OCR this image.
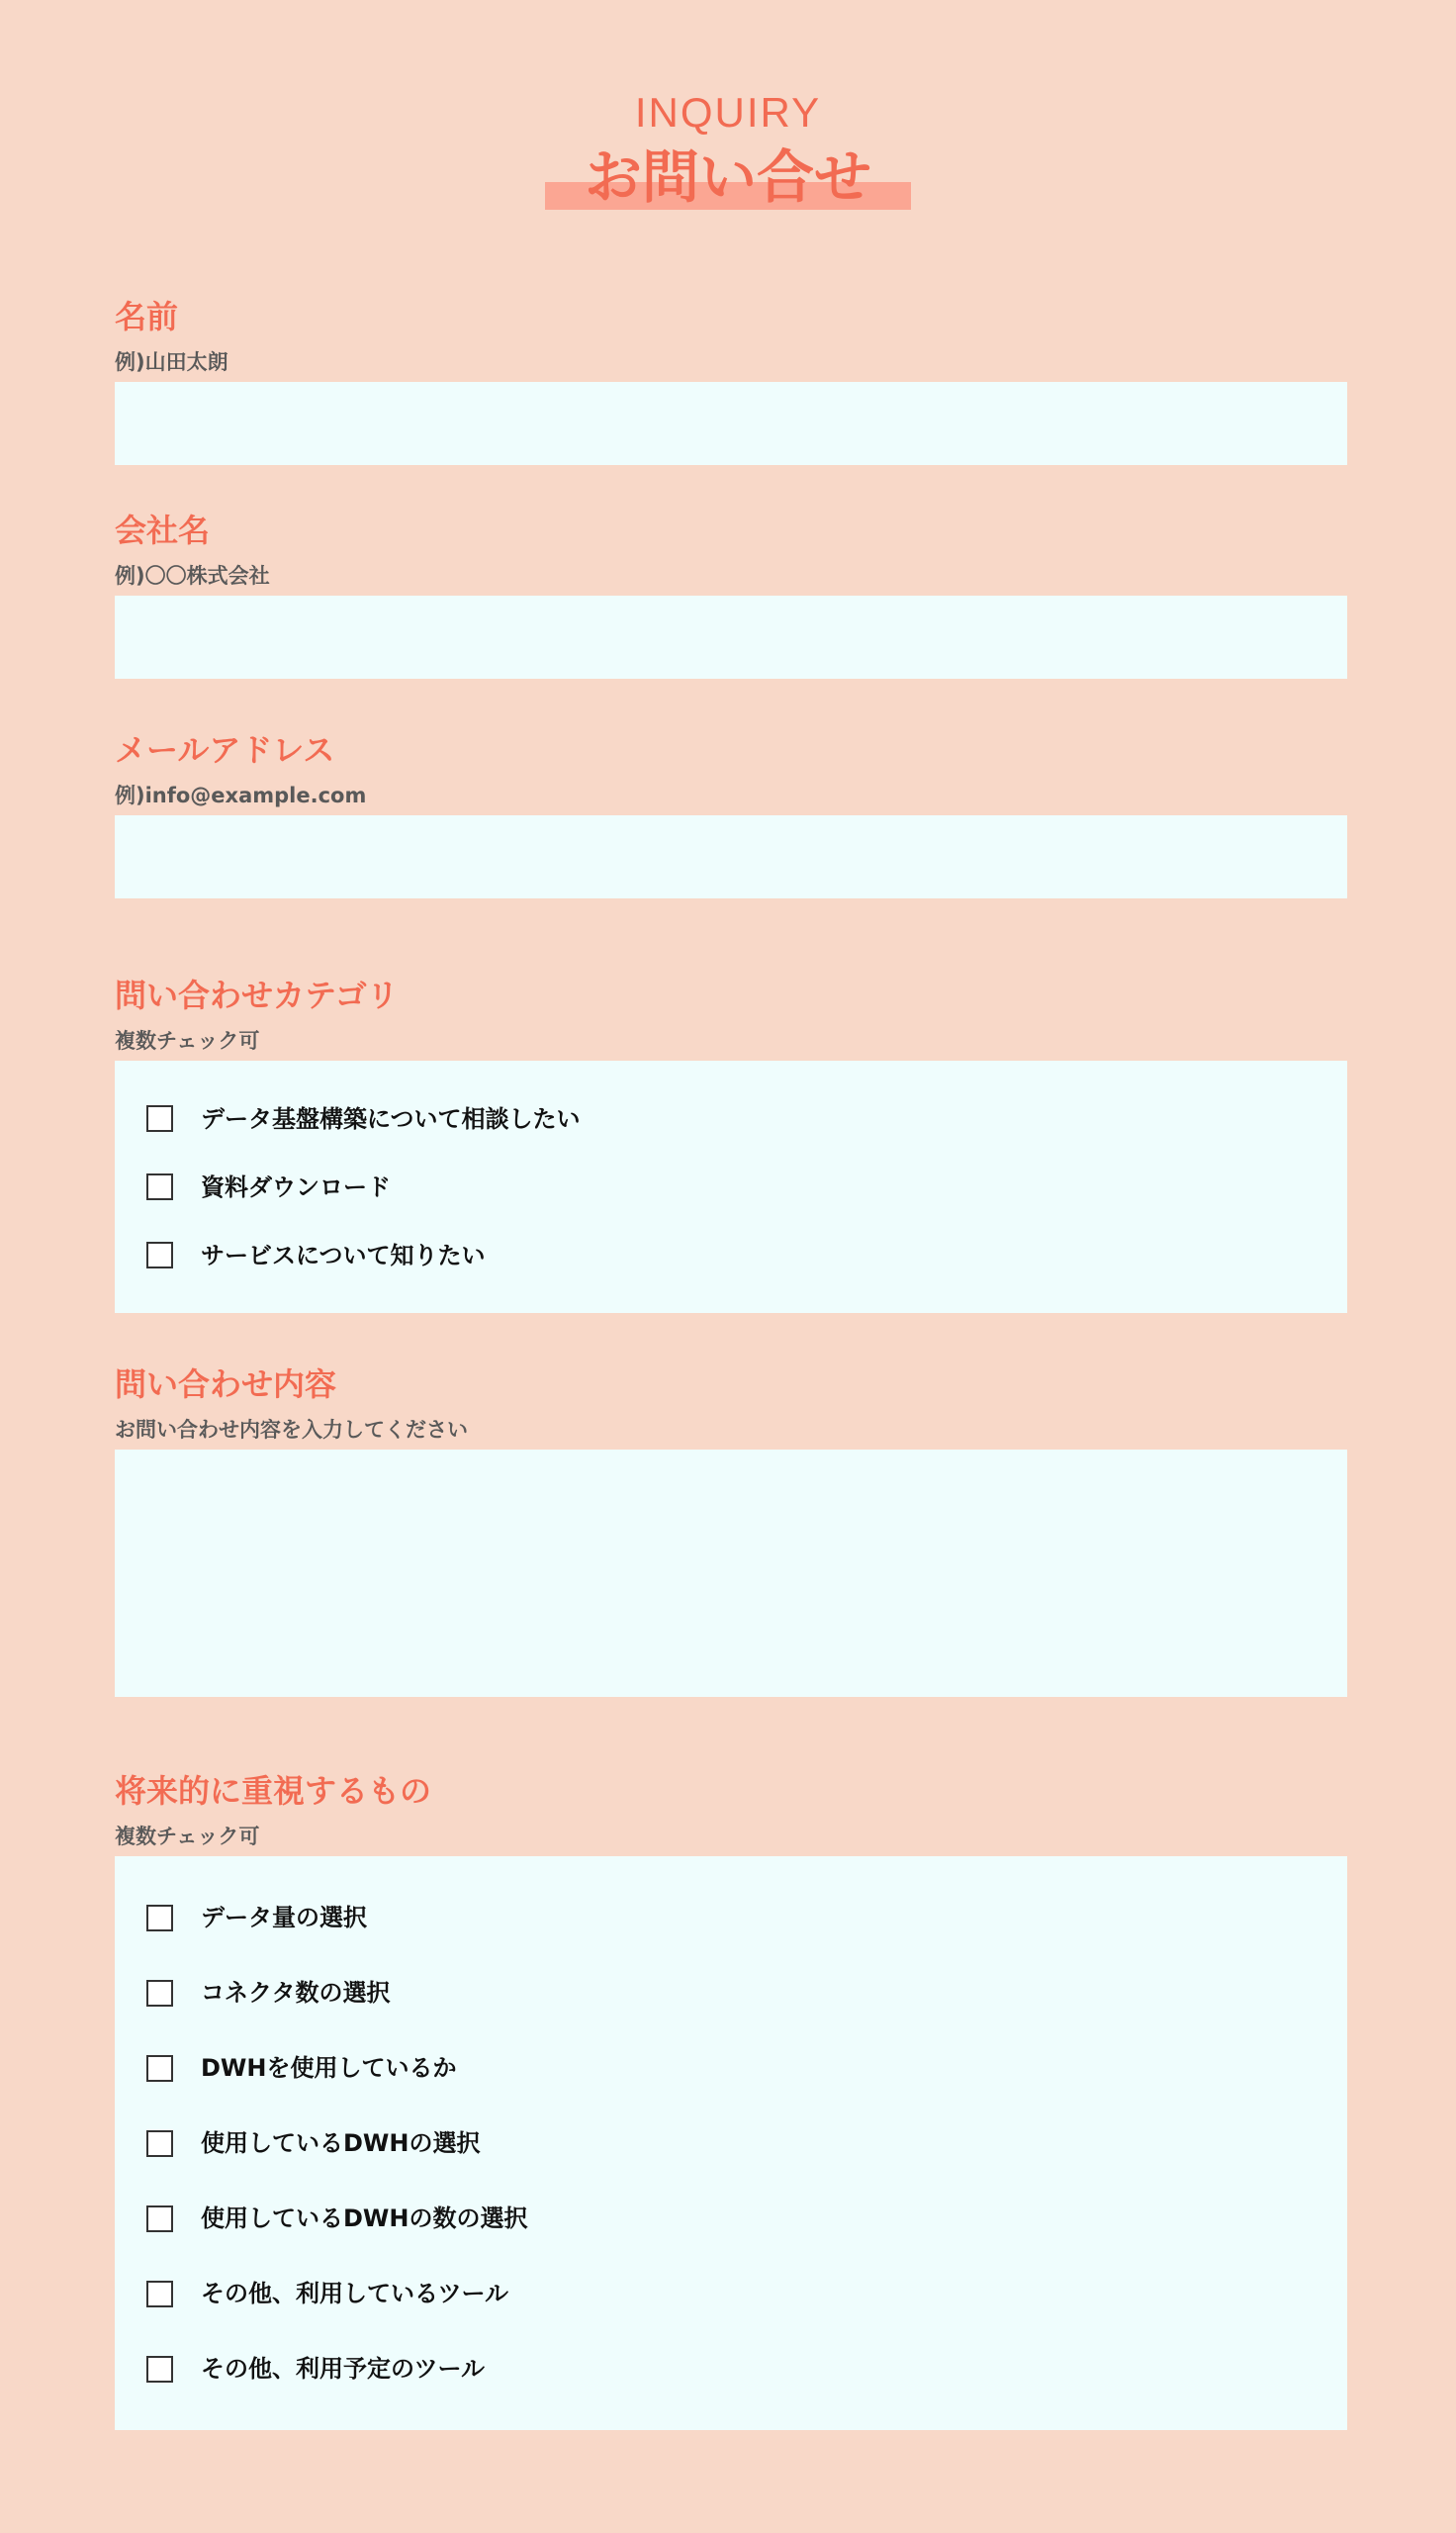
INQUIRY
お問い合せ
名前
例)山田太朗
会社名
例)〇〇株式会社
メールアドレス
例)info@example.com
問い合わせカテゴリ
複数チェック可
データ基盤構築について相談したい
資料ダウンロード
サービスについて知りたい
問い合わせ内容
お問い合わせ内容を入力してください
将来的に重視するもの
複数チェック可
データ量の選択
コネクタ数の選択
DWHを使用しているか
使用しているDWHの選択
使用しているDWHの数の選択
その他、利用しているツール
その他、利用予定のツール
